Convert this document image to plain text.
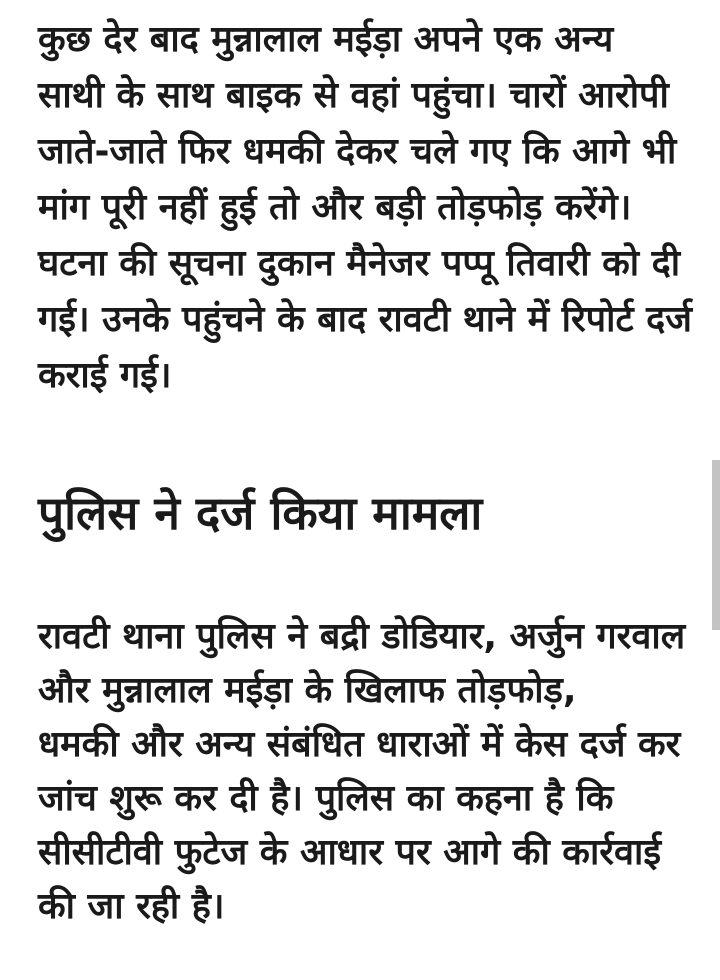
कुछ देर बाद मुन्नालाल मईड़ा अपने एक अन्य
साथी के साथ बाइक से वहां पहुंचा। चारों आरोपी
जाते-जाते फिर धमकी देकर चले गए कि आगे भी
मांग पूरी नहीं हुई तो और बड़ी तोड़फोड़ करेंगे।
घटना की सूचना दुकान मैनेजर पप्पू तिवारी को दी
गई। उनके पहुंचने के बाद रावटी थाने में रिपोर्ट दर्ज
कराई गई।

पुलिस ने दर्ज किया मामला

रावटी थाना पुलिस ने बद्री डोडियार, अर्जुन गरवाल
और मुन्नालाल मईड़ा के खिलाफ तोड़फोड़,
धमकी और अन्य संबंधित धाराओं में केस दर्ज कर
जांच शुरू कर दी है। पुलिस का कहना है कि
सीसीटीवी फुटेज के आधार पर आगे की कार्रवाई
की जा रही है।
